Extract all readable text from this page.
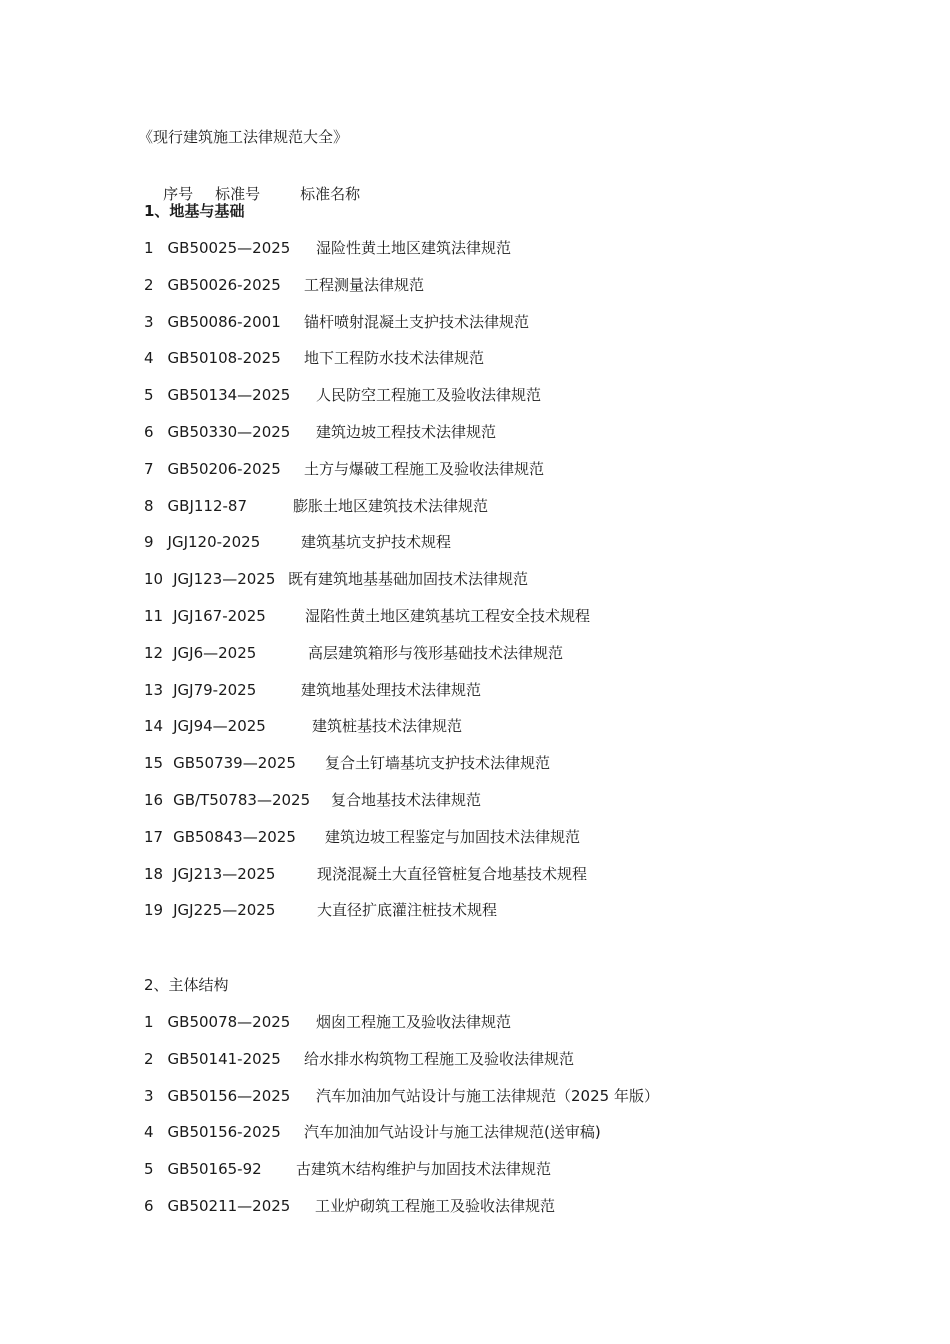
《现行建筑施工法律规范大全》

序号 标准号	标准名称

1、地基与基础
1 GB50025—2025 湿险性黄土地区建筑法律规范
2 GB50026-2025 工程测量法律规范
3 GB50086-2001 锚杆喷射混凝土支护技术法律规范
4 GB50108-2025 地下工程防水技术法律规范
5 GB50134—2025 人民防空工程施工及验收法律规范
6 GB50330—2025 建筑边坡工程技术法律规范
7 GB50206-2025 土方与爆破工程施工及验收法律规范
8 GBJ112-87	膨胀土地区建筑技术法律规范
9 JGJ120-2025	建筑基坑支护技术规程
10 JGJ123—2025 既有建筑地基基础加固技术法律规范
11 JGJ167-2025	湿陷性黄土地区建筑基坑工程安全技术规程
12 JGJ6—2025	高层建筑箱形与筏形基础技术法律规范
13 JGJ79-2025	建筑地基处理技术法律规范
14 JGJ94—2025	建筑桩基技术法律规范
15 GB50739—2025 复合土钉墙基坑支护技术法律规范
16 GB/T50783—2025 复合地基技术法律规范
17 GB50843—2025 建筑边坡工程鉴定与加固技术法律规范
18 JGJ213—2025	现浇混凝土大直径管桩复合地基技术规程
19 JGJ225—2025	大直径扩底灌注桩技术规程
2、主体结构
1 GB50078—2025 烟囱工程施工及验收法律规范
2 GB50141-2025 给水排水构筑物工程施工及验收法律规范
3 GB50156—2025 汽车加油加气站设计与施工法律规范（2025 年版）
4 GB50156-2025 汽车加油加气站设计与施工法律规范(送审稿)
5 GB50165-92 古建筑木结构维护与加固技术法律规范
6 GB50211—2025 工业炉砌筑工程施工及验收法律规范
